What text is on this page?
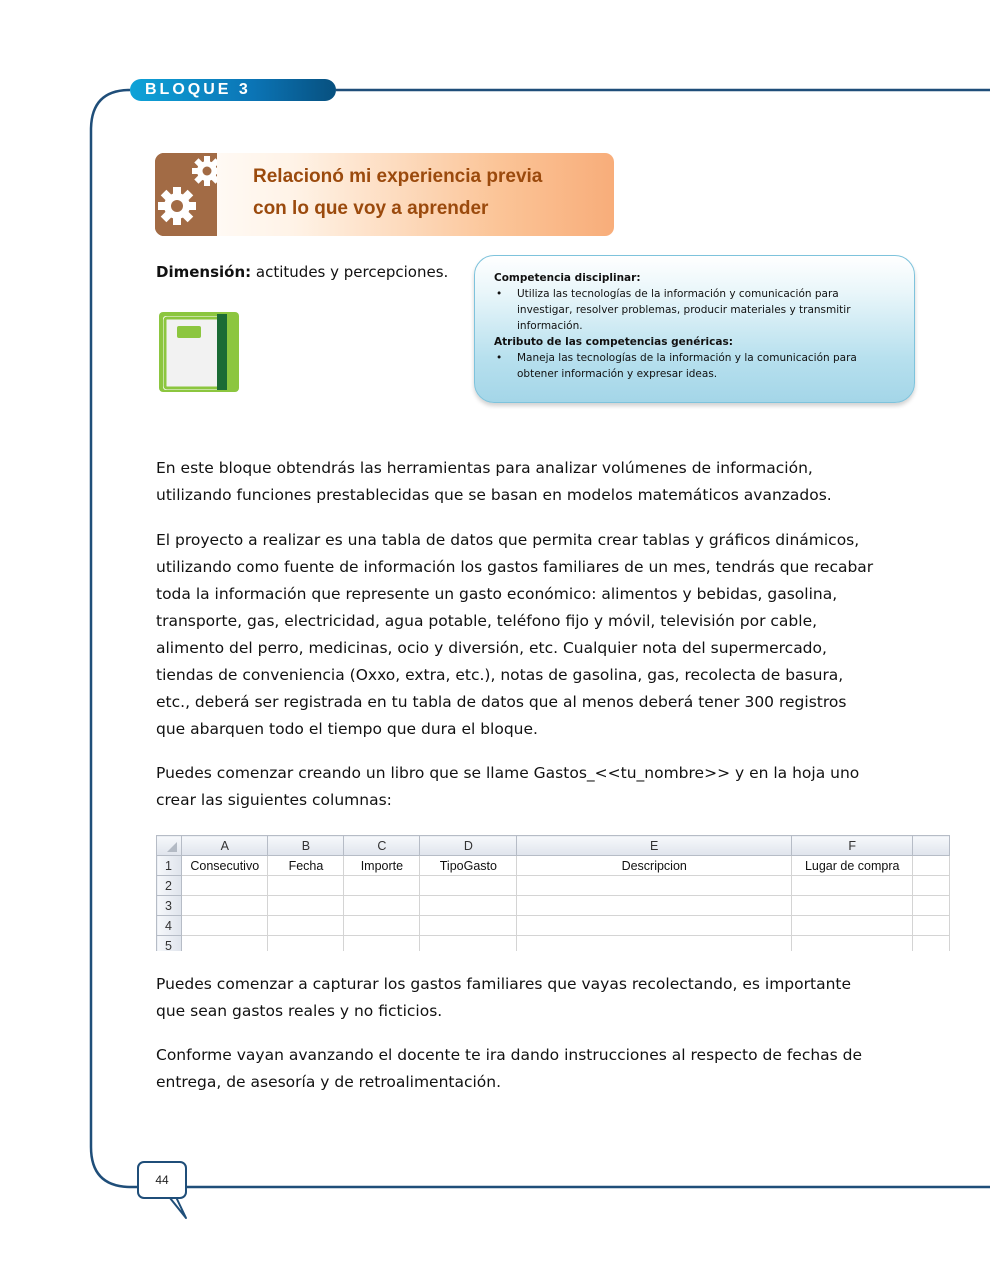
BLOQUE 3
Relacionó mi experiencia previa
con lo que voy a aprender
Dimensión: actitudes y percepciones.	Competencia disciplinar:
• Utiliza las tecnologías de la información y comunicación para investigar, resolver problemas, producir materiales y transmitir información.
Atributo de las competencias genéricas:
• Maneja las tecnologías de la información y la comunicación para obtener información y expresar ideas.
En este bloque obtendrás las herramientas para analizar volúmenes de información, utilizando funciones prestablecidas que se basan en modelos matemáticos avanzados.
El proyecto a realizar es una tabla de datos que permita crear tablas y gráficos dinámicos, utilizando como fuente de información los gastos familiares de un mes, tendrás que recabar toda la información que represente un gasto económico: alimentos y bebidas, gasolina, transporte, gas, electricidad, agua potable, teléfono fijo y móvil, televisión por cable, alimento del perro, medicinas, ocio y diversión, etc. Cualquier nota del supermercado, tiendas de conveniencia (Oxxo, extra, etc.), notas de gasolina, gas, recolecta de basura, etc., deberá ser registrada en tu tabla de datos que al menos deberá tener 300 registros que abarquen todo el tiempo que dura el bloque.
Puedes comenzar creando un libro que se llame Gastos_<<tu_nombre>> y en la hoja uno crear las siguientes columnas:
	A	B	C	D	E	F	
1	Consecutivo	Fecha	Importe	TipoGasto	Descripcion	Lugar de compra	
2							
3							
4							
5							
Puedes comenzar a capturar los gastos familiares que vayas recolectando, es importante que sean gastos reales y no ficticios.
Conforme vayan avanzando el docente te ira dando instrucciones al respecto de fechas de entrega, de asesoría y de retroalimentación.
44
